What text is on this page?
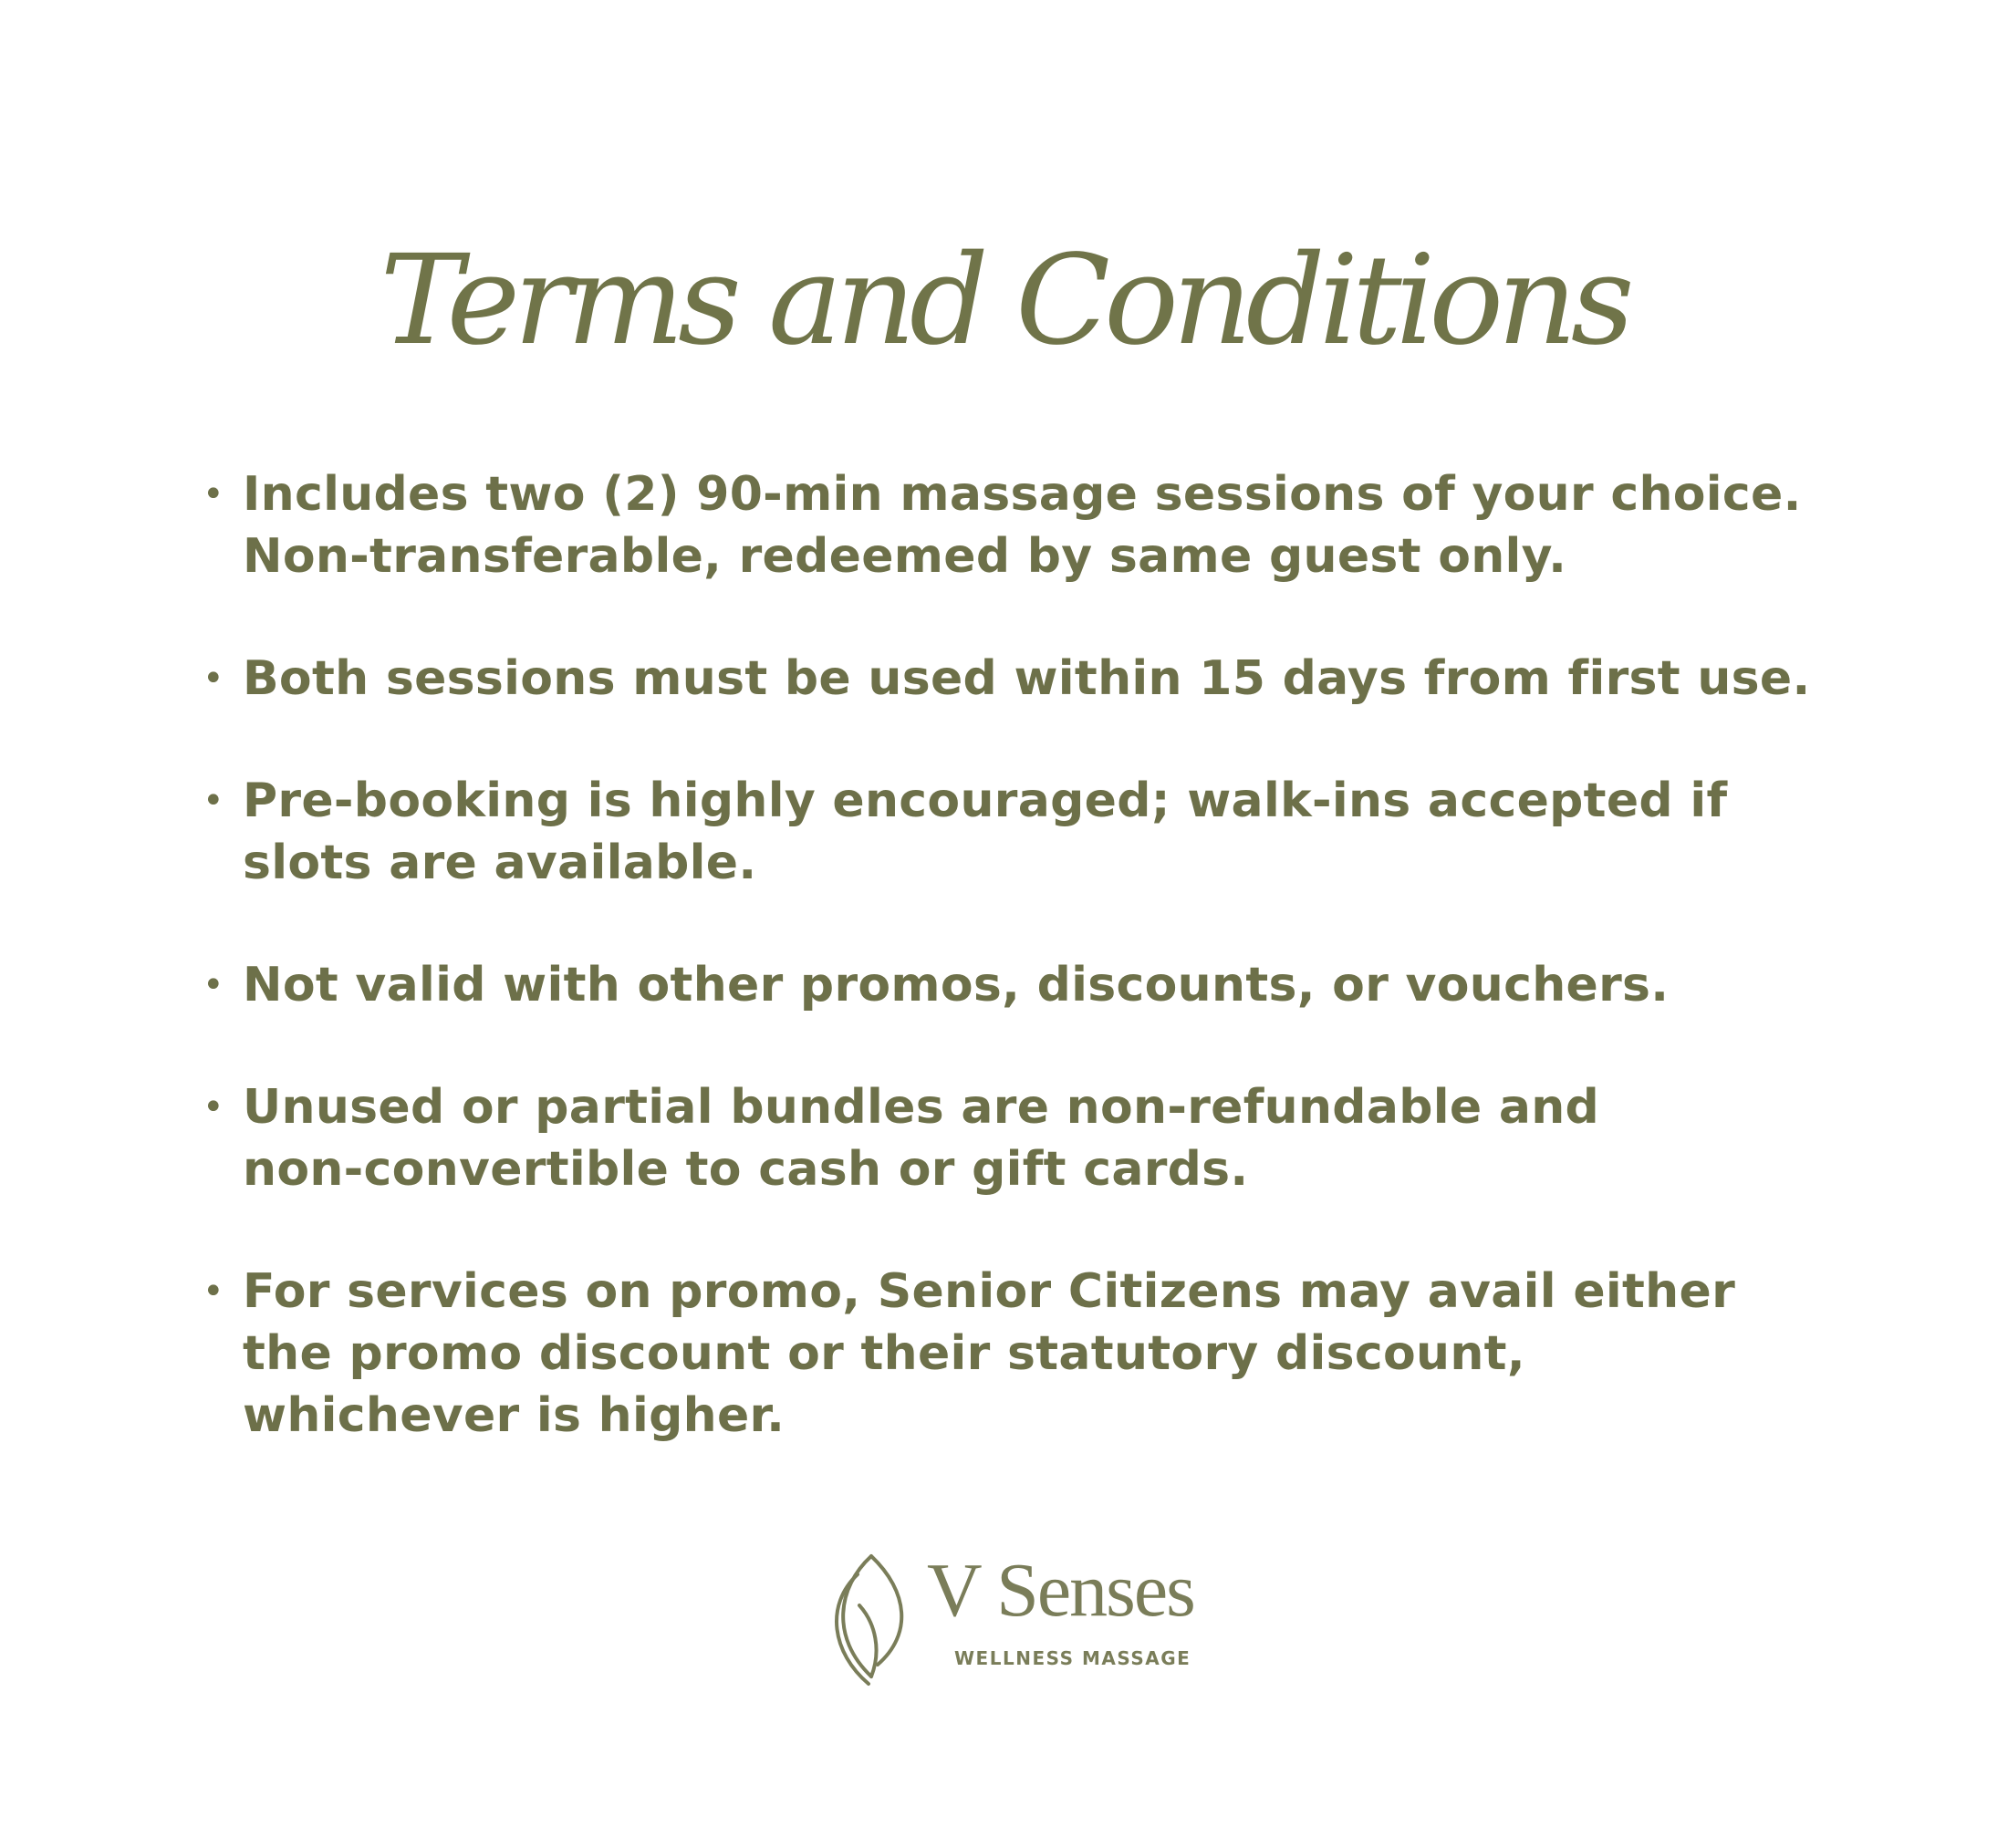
Terms and Conditions
• Includes two (2) 90-min massage sessions of your choice.
Non-transferable, redeemed by same guest only.
• Both sessions must be used within 15 days from first use.
• Pre-booking is highly encouraged; walk-ins accepted if
slots are available.
• Not valid with other promos, discounts, or vouchers.
• Unused or partial bundles are non-refundable and
non-convertible to cash or gift cards.
• For services on promo, Senior Citizens may avail either
the promo discount or their statutory discount,
whichever is higher.
V Senses
WELLNESS MASSAGE
